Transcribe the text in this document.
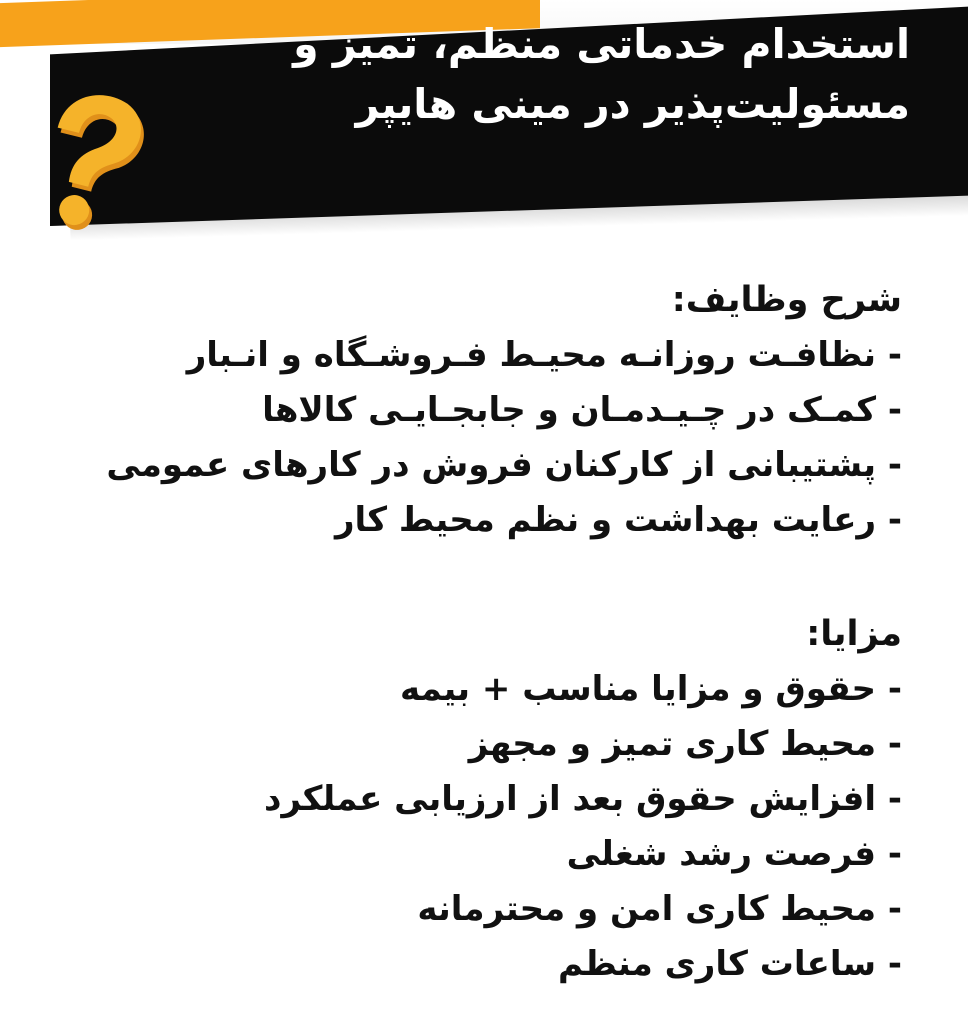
استخدام خدماتی منظم، تمیز و
مسئولیت‌پذیر در مینی هایپر
شرح وظایف:
- نظافـت روزانـه محیـط فـروشـگاه و انـبار
- کمـک در چـیـدمـان و جابجـایـی کالاها
- پشتیبانی از کارکنان فروش در کارهای عمومی
- رعایت بهداشت و نظم محیط کار
مزایا:
- حقوق و مزایا مناسب + بیمه
- محیط کاری تمیز و مجهز
- افزایش حقوق بعد از ارزیابی عملکرد
- فرصت رشد شغلی
- محیط کاری امن و محترمانه
- ساعات کاری منظم
